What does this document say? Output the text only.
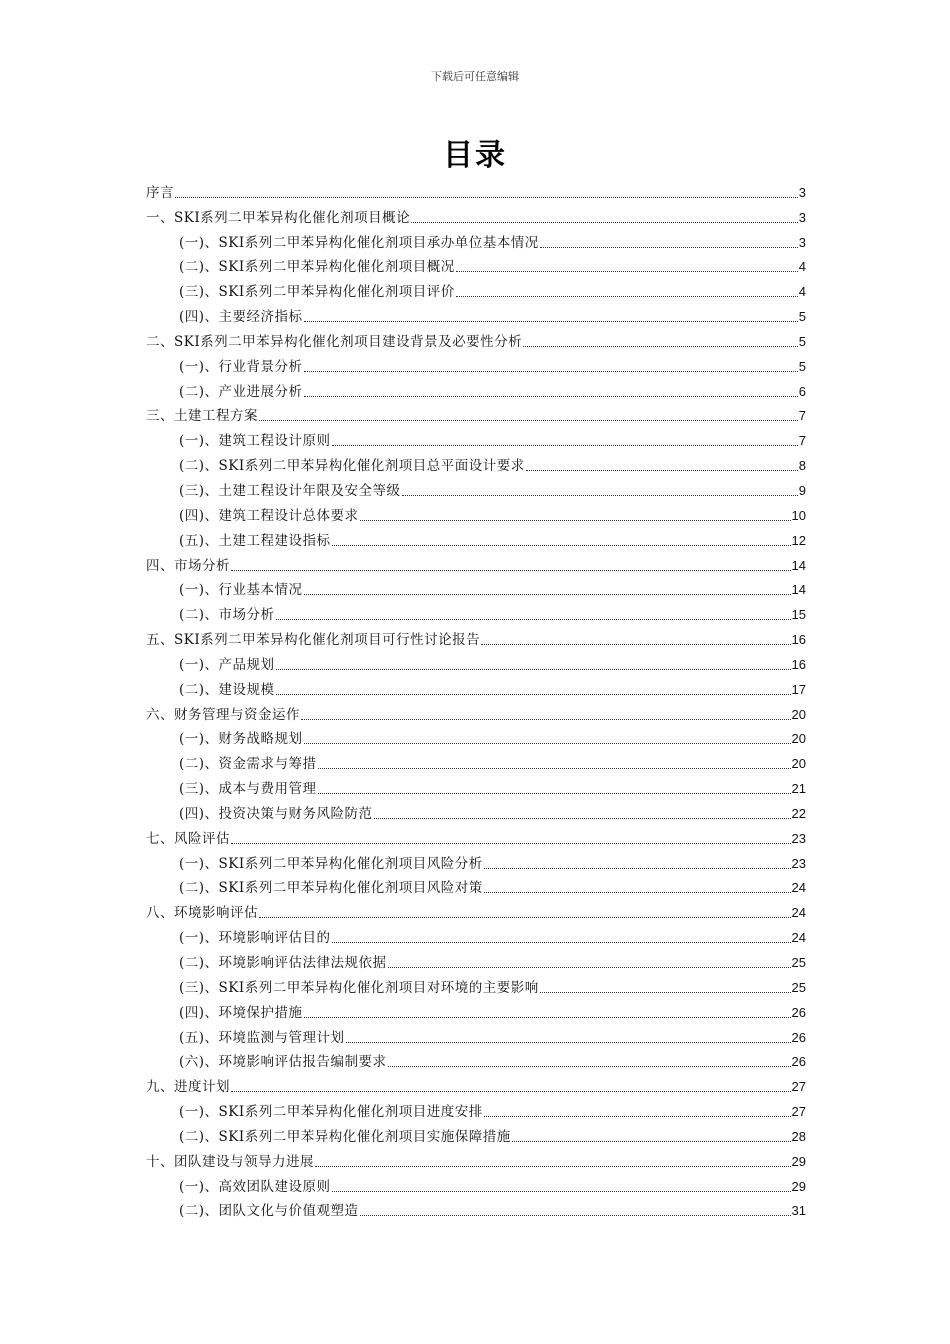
下载后可任意编辑
目录
序言	3
一、SKI系列二甲苯异构化催化剂项目概论	3
(一)、SKI系列二甲苯异构化催化剂项目承办单位基本情况	3
(二)、SKI系列二甲苯异构化催化剂项目概况	4
(三)、SKI系列二甲苯异构化催化剂项目评价	4
(四)、主要经济指标	5
二、SKI系列二甲苯异构化催化剂项目建设背景及必要性分析	5
(一)、行业背景分析	5
(二)、产业进展分析	6
三、土建工程方案	7
(一)、建筑工程设计原则	7
(二)、SKI系列二甲苯异构化催化剂项目总平面设计要求	8
(三)、土建工程设计年限及安全等级	9
(四)、建筑工程设计总体要求	10
(五)、土建工程建设指标	12
四、市场分析	14
(一)、行业基本情况	14
(二)、市场分析	15
五、SKI系列二甲苯异构化催化剂项目可行性讨论报告	16
(一)、产品规划	16
(二)、建设规模	17
六、财务管理与资金运作	20
(一)、财务战略规划	20
(二)、资金需求与筹措	20
(三)、成本与费用管理	21
(四)、投资决策与财务风险防范	22
七、风险评估	23
(一)、SKI系列二甲苯异构化催化剂项目风险分析	23
(二)、SKI系列二甲苯异构化催化剂项目风险对策	24
八、环境影响评估	24
(一)、环境影响评估目的	24
(二)、环境影响评估法律法规依据	25
(三)、SKI系列二甲苯异构化催化剂项目对环境的主要影响	25
(四)、环境保护措施	26
(五)、环境监测与管理计划	26
(六)、环境影响评估报告编制要求	26
九、进度计划	27
(一)、SKI系列二甲苯异构化催化剂项目进度安排	27
(二)、SKI系列二甲苯异构化催化剂项目实施保障措施	28
十、团队建设与领导力进展	29
(一)、高效团队建设原则	29
(二)、团队文化与价值观塑造	31
